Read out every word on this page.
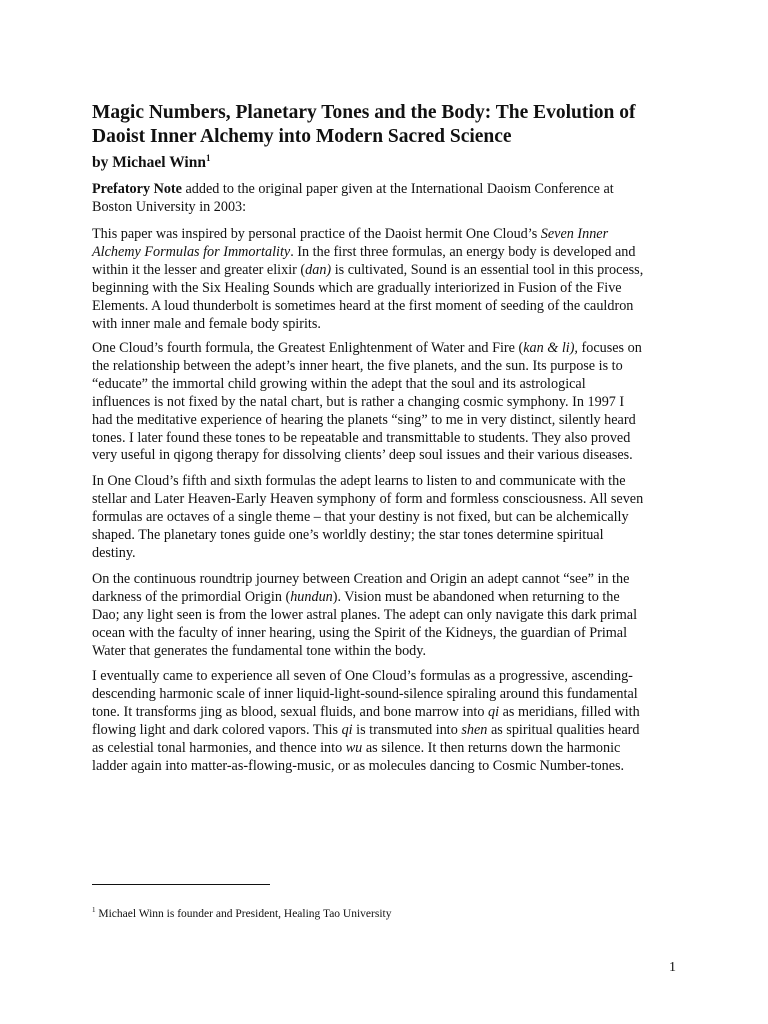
Magic Numbers, Planetary Tones and the Body: The Evolution of
Daoist Inner Alchemy into Modern Sacred Science

by Michael Winn$^1$

Prefatory Note added to the original paper given at the International Daoism Conference at
Boston University in 2003:

This paper was inspired by personal practice of the Daoist hermit One Cloud’s Seven Inner
Alchemy Formulas for Immortality. In the first three formulas, an energy body is developed and
within it the lesser and greater elixir (dan) is cultivated, Sound is an essential tool in this process,
beginning with the Six Healing Sounds which are gradually interiorized in Fusion of the Five
Elements. A loud thunderbolt is sometimes heard at the first moment of seeding of the cauldron
with inner male and female body spirits.

One Cloud’s fourth formula, the Greatest Enlightenment of Water and Fire (kan & li), focuses on
the relationship between the adept’s inner heart, the five planets, and the sun. Its purpose is to
“educate” the immortal child growing within the adept that the soul and its astrological
influences is not fixed by the natal chart, but is rather a changing cosmic symphony. In 1997 I
had the meditative experience of hearing the planets “sing” to me in very distinct, silently heard
tones. I later found these tones to be repeatable and transmittable to students. They also proved
very useful in qigong therapy for dissolving clients’ deep soul issues and their various diseases.

In One Cloud’s fifth and sixth formulas the adept learns to listen to and communicate with the
stellar and Later Heaven-Early Heaven symphony of form and formless consciousness. All seven
formulas are octaves of a single theme – that your destiny is not fixed, but can be alchemically
shaped. The planetary tones guide one’s worldly destiny; the star tones determine spiritual
destiny.

On the continuous roundtrip journey between Creation and Origin an adept cannot “see” in the
darkness of the primordial Origin (hundun). Vision must be abandoned when returning to the
Dao; any light seen is from the lower astral planes. The adept can only navigate this dark primal
ocean with the faculty of inner hearing, using the Spirit of the Kidneys, the guardian of Primal
Water that generates the fundamental tone within the body.

I eventually came to experience all seven of One Cloud’s formulas as a progressive, ascending-
descending harmonic scale of inner liquid-light-sound-silence spiraling around this fundamental
tone. It transforms jing as blood, sexual fluids, and bone marrow into qi as meridians, filled with
flowing light and dark colored vapors. This qi is transmuted into shen as spiritual qualities heard
as celestial tonal harmonies, and thence into wu as silence. It then returns down the harmonic
ladder again into matter-as-flowing-music, or as molecules dancing to Cosmic Number-tones.

$^1$ Michael Winn is founder and President, Healing Tao University

1
